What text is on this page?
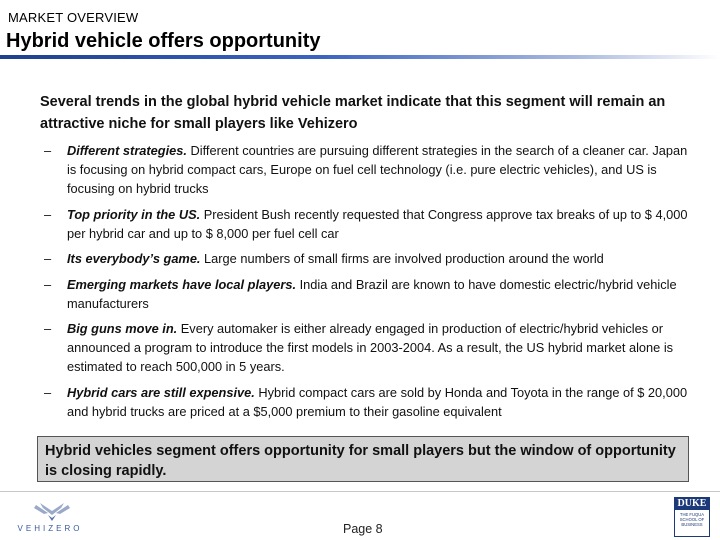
MARKET OVERVIEW
Hybrid vehicle offers opportunity
Several trends in the global hybrid vehicle market indicate that this segment will remain an attractive niche for small players like Vehizero
– Different strategies. Different countries are pursuing different strategies in the search of a cleaner car. Japan is focusing on hybrid compact cars, Europe on fuel cell technology (i.e. pure electric vehicles), and US is focusing on hybrid trucks
– Top priority in the US. President Bush recently requested that Congress approve tax breaks of up to $ 4,000 per hybrid car and up to $ 8,000 per fuel cell car
– Its everybody’s game. Large numbers of small firms are involved production around the world
– Emerging markets have local players. India and Brazil are known to have domestic electric/hybrid vehicle manufacturers
– Big guns move in. Every automaker is either already engaged in production of electric/hybrid vehicles or announced a program to introduce the first models in 2003-2004. As a result, the US hybrid market alone is estimated to reach 500,000 in 5 years.
– Hybrid cars are still expensive. Hybrid compact cars are sold by Honda and Toyota in the range of $ 20,000 and hybrid trucks are priced at a $5,000 premium to their gasoline equivalent
Hybrid vehicles segment offers opportunity for small players but the window of opportunity is closing rapidly.
VEHIZERO	Page 8
DUKE
THE FUQUA SCHOOL OF BUSINESS
